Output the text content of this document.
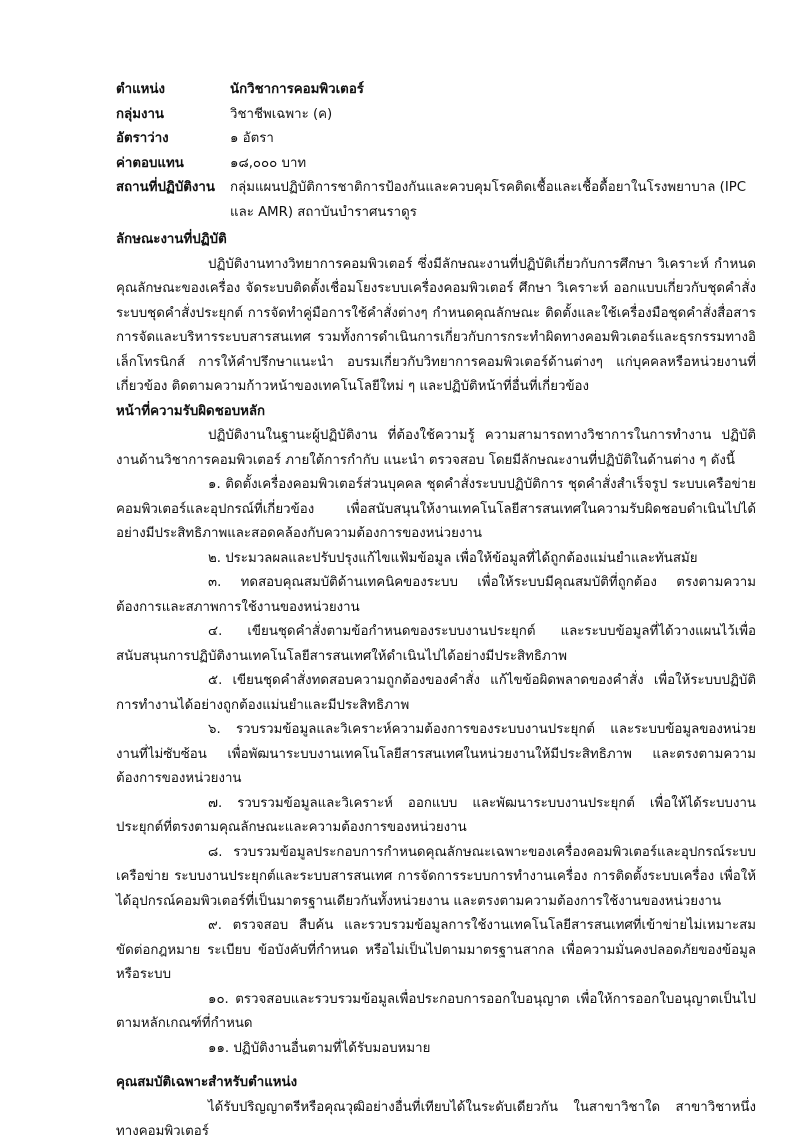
ตำแหน่ง	นักวิชาการคอมพิวเตอร์
กลุ่มงาน	วิชาชีพเฉพาะ (ค)
อัตราว่าง	๑ อัตรา
ค่าตอบแทน	๑๘,๐๐๐ บาท
สถานที่ปฏิบัติงาน	กลุ่มแผนปฏิบัติการชาติการป้องกันและควบคุมโรคติดเชื้อและเชื้อดื้อยาในโรงพยาบาล (IPC และ AMR) สถาบันบำราศนราดูร
ลักษณะงานที่ปฏิบัติ

ปฏิบัติงานทางวิทยาการคอมพิวเตอร์ ซึ่งมีลักษณะงานที่ปฏิบัติเกี่ยวกับการศึกษา วิเคราะห์ กำหนดคุณลักษณะของเครื่อง จัดระบบติดตั้งเชื่อมโยงระบบเครื่องคอมพิวเตอร์ ศึกษา วิเคราะห์ ออกแบบเกี่ยวกับชุดคำสั่ง ระบบชุดคำสั่งประยุกต์ การจัดทำคู่มือการใช้คำสั่งต่างๆ กำหนดคุณลักษณะ ติดตั้งและใช้เครื่องมือชุดคำสั่งสื่อสาร การจัดและบริหารระบบสารสนเทศ รวมทั้งการดำเนินการเกี่ยวกับการกระทำผิดทางคอมพิวเตอร์และธุรกรรมทางอิเล็กโทรนิกส์ การให้คำปรึกษาแนะนำ อบรมเกี่ยวกับวิทยาการคอมพิวเตอร์ด้านต่างๆ แก่บุคคลหรือหน่วยงานที่เกี่ยวข้อง ติดตามความก้าวหน้าของเทคโนโลยีใหม่ ๆ และปฏิบัติหน้าที่อื่นที่เกี่ยวข้อง

หน้าที่ความรับผิดชอบหลัก

ปฏิบัติงานในฐานะผู้ปฏิบัติงาน ที่ต้องใช้ความรู้ ความสามารถทางวิชาการในการทำงาน ปฏิบัติงานด้านวิชาการคอมพิวเตอร์ ภายใต้การกำกับ แนะนำ ตรวจสอบ โดยมีลักษณะงานที่ปฏิบัติในด้านต่าง ๆ ดังนี้

๑. ติดตั้งเครื่องคอมพิวเตอร์ส่วนบุคคล ชุดคำสั่งระบบปฏิบัติการ ชุดคำสั่งสำเร็จรูป ระบบเครือข่ายคอมพิวเตอร์และอุปกรณ์ที่เกี่ยวข้อง เพื่อสนับสนุนให้งานเทคโนโลยีสารสนเทศในความรับผิดชอบดำเนินไปได้อย่างมีประสิทธิภาพและสอดคล้องกับความต้องการของหน่วยงาน
๒. ประมวลผลและปรับปรุงแก้ไขแฟ้มข้อมูล เพื่อให้ข้อมูลที่ได้ถูกต้องแม่นยำและทันสมัย
๓. ทดสอบคุณสมบัติด้านเทคนิคของระบบ เพื่อให้ระบบมีคุณสมบัติที่ถูกต้อง ตรงตามความต้องการและสภาพการใช้งานของหน่วยงาน
๔. เขียนชุดคำสั่งตามข้อกำหนดของระบบงานประยุกต์ และระบบข้อมูลที่ได้วางแผนไว้เพื่อสนับสนุนการปฏิบัติงานเทคโนโลยีสารสนเทศให้ดำเนินไปได้อย่างมีประสิทธิภาพ
๕. เขียนชุดคำสั่งทดสอบความถูกต้องของคำสั่ง แก้ไขข้อผิดพลาดของคำสั่ง เพื่อให้ระบบปฏิบัติการทำงานได้อย่างถูกต้องแม่นยำและมีประสิทธิภาพ
๖. รวบรวมข้อมูลและวิเคราะห์ความต้องการของระบบงานประยุกต์ และระบบข้อมูลของหน่วยงานที่ไม่ซับซ้อน เพื่อพัฒนาระบบงานเทคโนโลยีสารสนเทศในหน่วยงานให้มีประสิทธิภาพ และตรงตามความต้องการของหน่วยงาน
๗. รวบรวมข้อมูลและวิเคราะห์ ออกแบบ และพัฒนาระบบงานประยุกต์ เพื่อให้ได้ระบบงานประยุกต์ที่ตรงตามคุณลักษณะและความต้องการของหน่วยงาน
๘. รวบรวมข้อมูลประกอบการกำหนดคุณลักษณะเฉพาะของเครื่องคอมพิวเตอร์และอุปกรณ์ระบบเครือข่าย ระบบงานประยุกต์และระบบสารสนเทศ การจัดการระบบการทำงานเครื่อง การติดตั้งระบบเครื่อง เพื่อให้ได้อุปกรณ์คอมพิวเตอร์ที่เป็นมาตรฐานเดียวกันทั้งหน่วยงาน และตรงตามความต้องการใช้งานของหน่วยงาน
๙. ตรวจสอบ สืบค้น และรวบรวมข้อมูลการใช้งานเทคโนโลยีสารสนเทศที่เข้าข่ายไม่เหมาะสม ขัดต่อกฎหมาย ระเบียบ ข้อบังคับที่กำหนด หรือไม่เป็นไปตามมาตรฐานสากล เพื่อความมั่นคงปลอดภัยของข้อมูลหรือระบบ
๑๐. ตรวจสอบและรวบรวมข้อมูลเพื่อประกอบการออกใบอนุญาต เพื่อให้การออกใบอนุญาตเป็นไปตามหลักเกณฑ์ที่กำหนด
๑๑. ปฏิบัติงานอื่นตามที่ได้รับมอบหมาย
คุณสมบัติเฉพาะสำหรับตำแหน่ง

ได้รับปริญญาตรีหรือคุณวุฒิอย่างอื่นที่เทียบได้ในระดับเดียวกัน ในสาขาวิชาใด สาขาวิชาหนึ่งทางคอมพิวเตอร์
